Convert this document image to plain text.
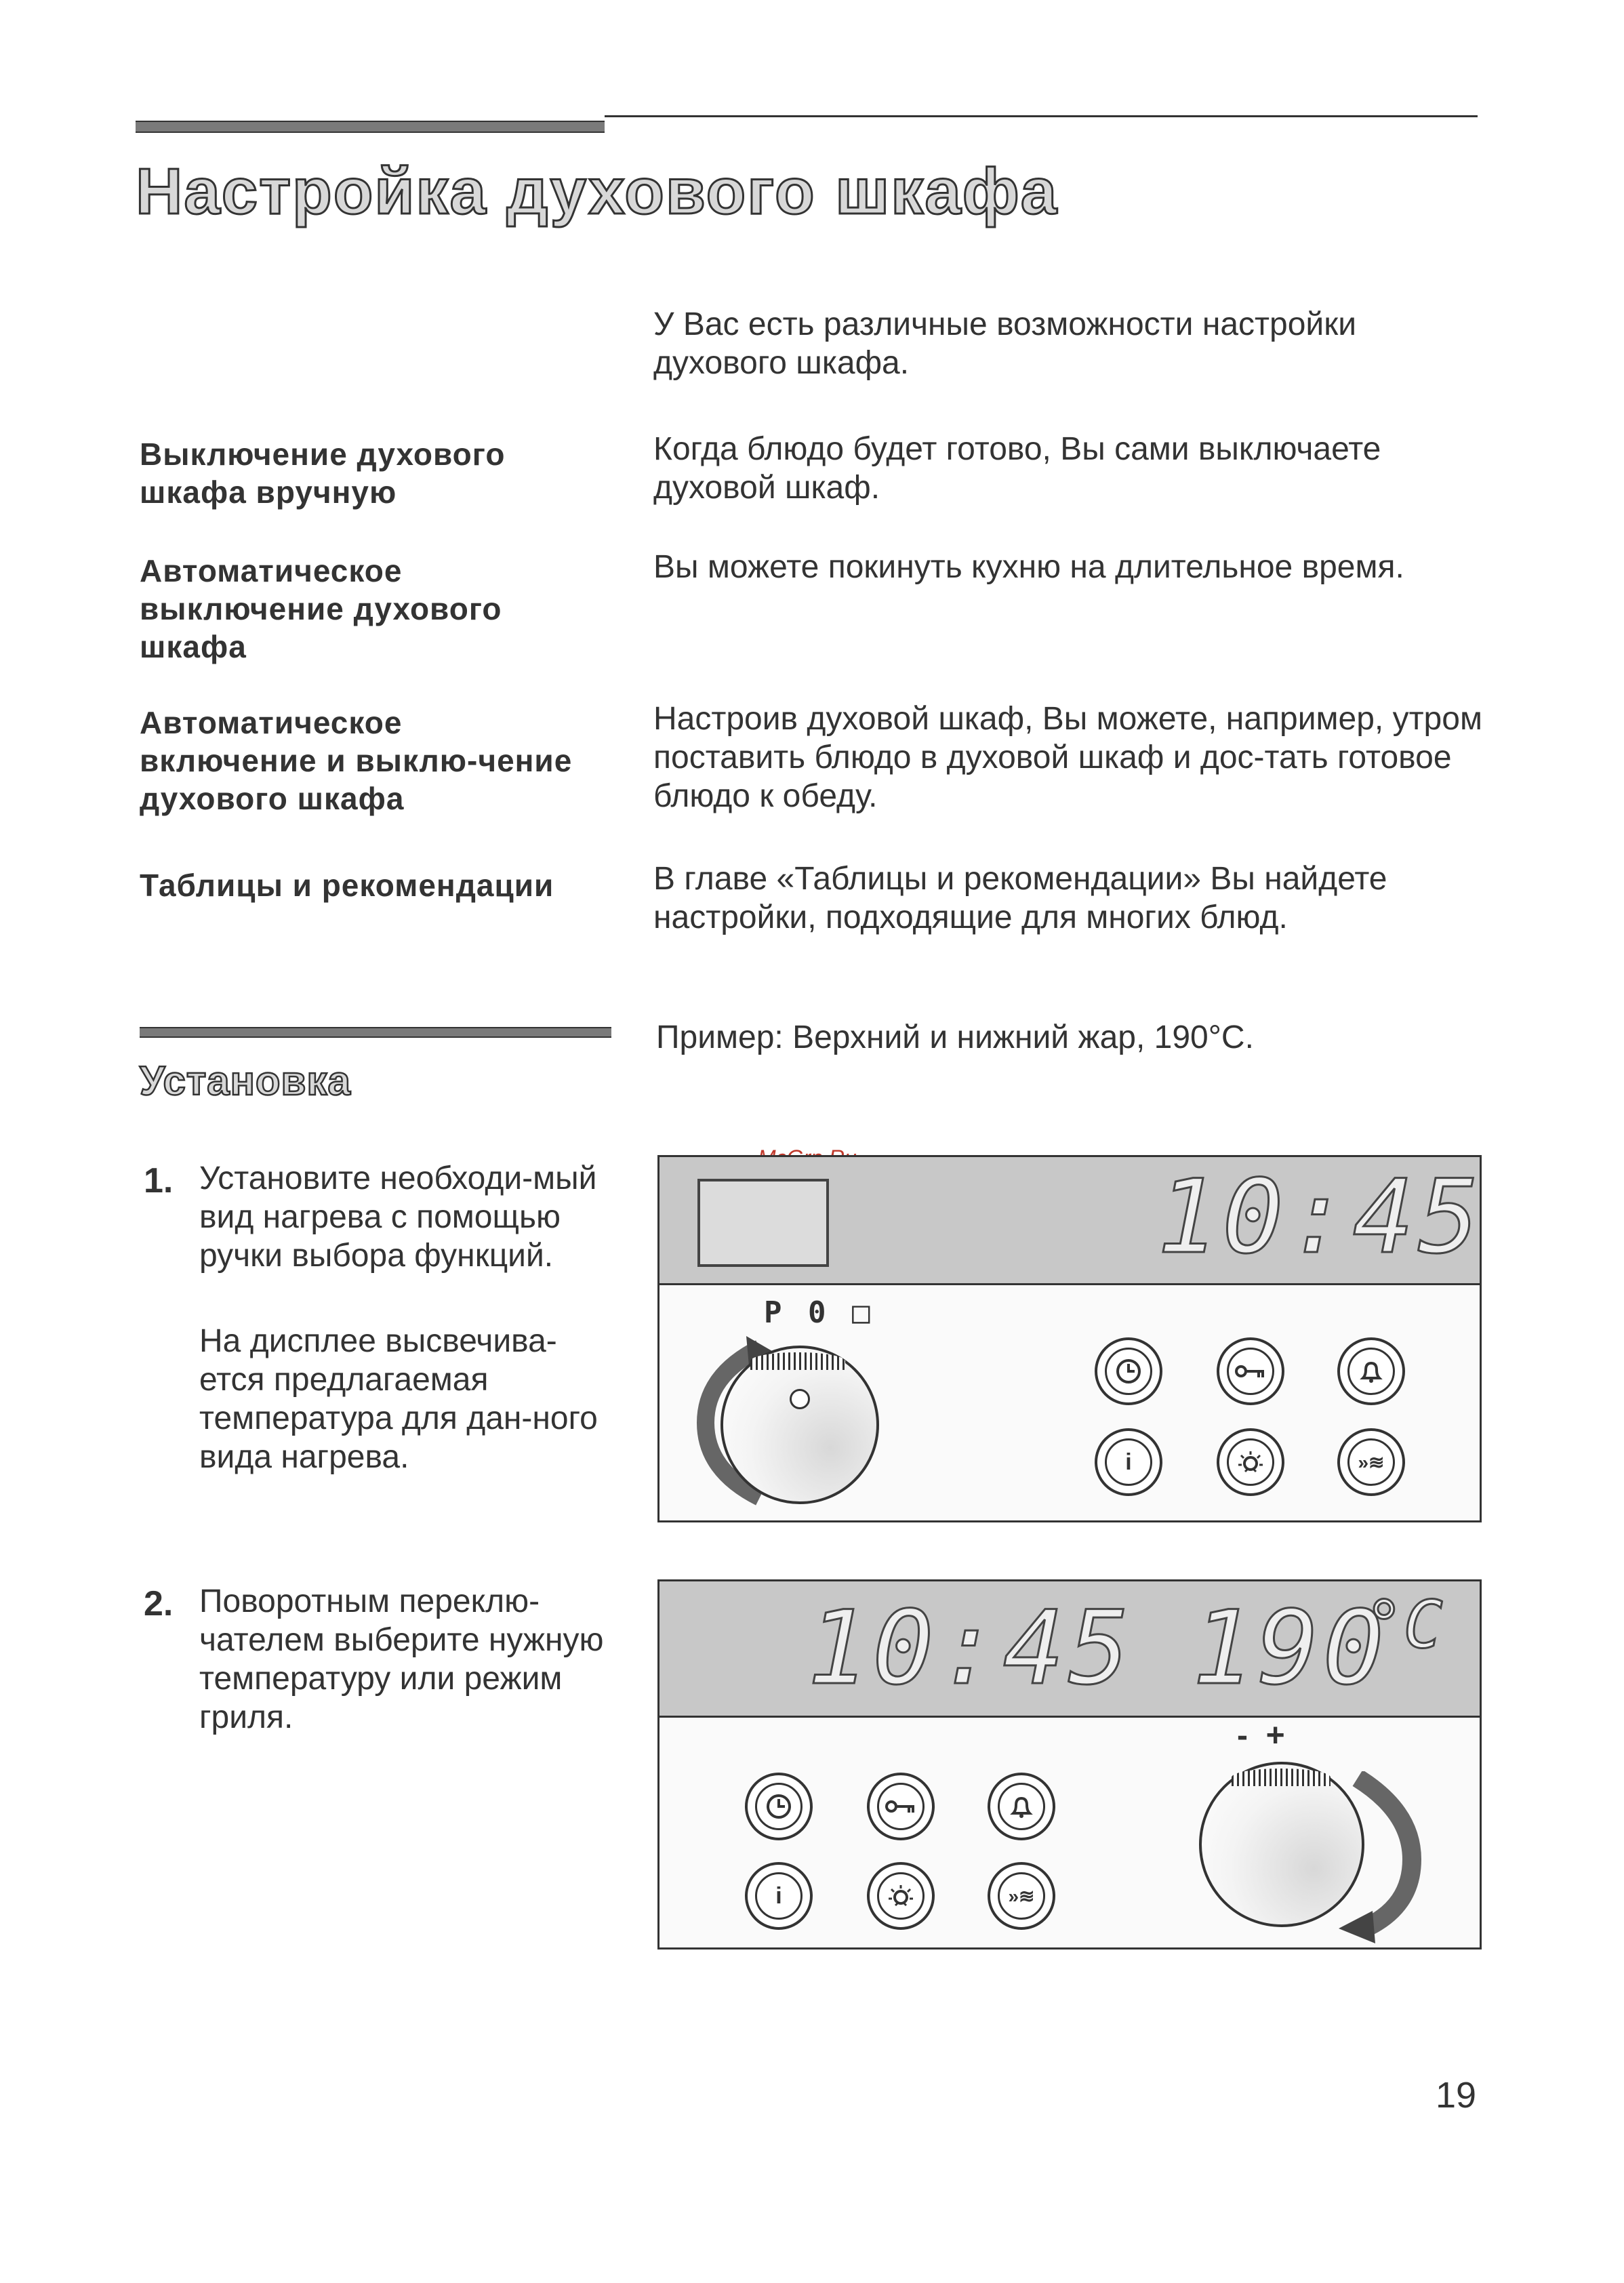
Настройка духового шкафа
У Вас есть различные возможности настройки духового шкафа.
Выключение духового шкафа вручную
Когда блюдо будет готово, Вы сами выключаете духовой шкаф.
Автоматическое выключение духового шкафа
Вы можете покинуть кухню на длительное время.
Автоматическое включение и выклю-чение духового шкафа
Настроив духовой шкаф, Вы можете, например, утром поставить блюдо в духовой шкаф и дос-тать готовое блюдо к обеду.
Таблицы и рекомендации	В главе «Таблицы и рекомендации» Вы найдете настройки, подходящие для многих блюд.
Установка
Пример: Верхний и нижний жар, 190°С.
1. Установите необходи-мый вид нагрева с помощью ручки выбора функций.
На дисплее высвечива-ется предлагаемая температура для дан-ного вида нагрева.
2. Поворотным переклю-чателем выберите нужную температуру или режим гриля.
10:45
P 0 □
i	»≋
10:45 190
°C
-  +
i	»≋
19
